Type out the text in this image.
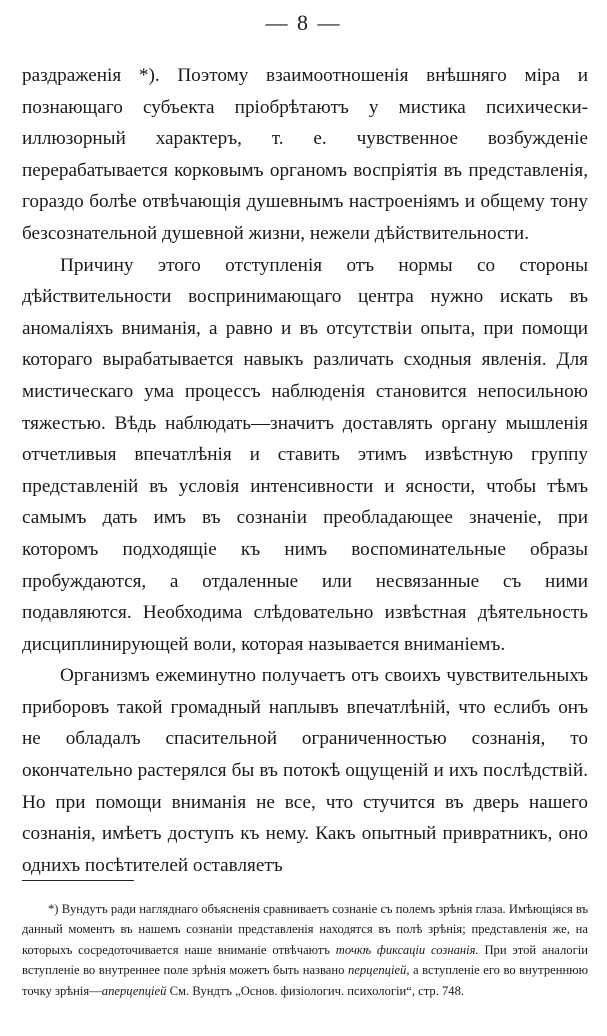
— 8 —

раздраженія *). Поэтому взаимоотношенія внѣшняго міра и познающаго субъекта пріобрѣтаютъ у мистика психически-иллюзорный характеръ, т. е. чувственное возбужденіе перерабатывается корковымъ органомъ воспріятія въ представленія, гораздо болѣе отвѣчающія душевнымъ настроеніямъ и общему тону безсознательной душевной жизни, нежели дѣйствительности.

Причину этого отступленія отъ нормы со стороны дѣйствительности воспринимающаго центра нужно искать въ аномаліяхъ вниманія, а равно и въ отсутствіи опыта, при помощи котораго вырабатывается навыкъ различать сходныя явленія. Для мистическаго ума процессъ наблюденія становится непосильною тяжестью. Вѣдь наблюдать—значитъ доставлять органу мышленія отчетливыя впечатлѣнія и ставить этимъ извѣстную группу представленій въ условія интенсивности и ясности, чтобы тѣмъ самымъ дать имъ въ сознаніи преобладающее значеніе, при которомъ подходящіе къ нимъ воспоминательные образы пробуждаются, а отдаленные или несвязанные съ ними подавляются. Необходима слѣдовательно извѣстная дѣятельность дисциплинирующей воли, которая называется вниманіемъ.

Организмъ ежеминутно получаетъ отъ своихъ чувствительныхъ приборовъ такой громадный наплывъ впечатлѣній, что еслибъ онъ не обладалъ спасительной ограниченностью сознанія, то окончательно растерялся бы въ потокѣ ощущеній и ихъ послѣдствій. Но при помощи вниманія не все, что стучится въ дверь нашего сознанія, имѣетъ доступъ къ нему. Какъ опытный привратникъ, оно однихъ посѣтителей оставляетъ

*) Вундутъ ради нагляднаго объясненія сравниваетъ сознаніе съ полемъ зрѣнія глаза. Имѣющіяся въ данный моментъ въ нашемъ сознаніи представленія находятся въ полѣ зрѣнія; представленія же, на которыхъ сосредоточивается наше вниманіе отвѣчаютъ точкѣ фиксаціи сознанія. При этой аналогіи вступленіе во внутреннее поле зрѣнія можетъ быть названо перцепціей, а вступленіе его во внутреннюю точку зрѣнія—аперцепціей См. Вундтъ „Основ. физіологич. психологіи“, стр. 748.
